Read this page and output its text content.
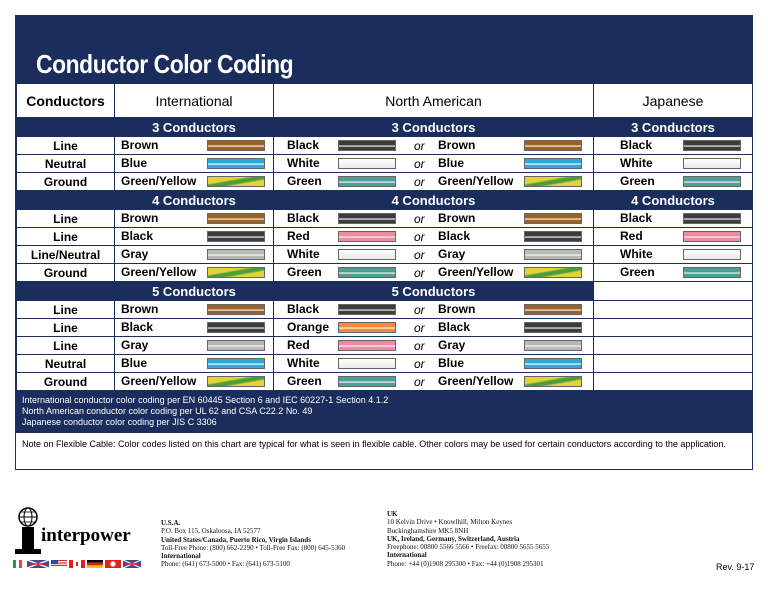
Conductor Color Coding
Conductors	International	North American	Japanese
	3 Conductors	3 Conductors	3 Conductors
Line	Brown	Black or Brown	Black

Neutral	Blue	White or Blue	White

Ground	Green/Yellow	Green or Green/Yellow	Green

	4 Conductors	4 Conductors	4 Conductors
Line	Brown	Black or Brown	Black

Line	Black	Red or Black	Red

Line/Neutral	Gray	White or Gray	White

Ground	Green/Yellow	Green or Green/Yellow	Green

	5 Conductors	5 Conductors	
Line	Brown	Black or Brown	

Line	Black	Orange or Black	

Line	Gray	Red or Gray	

Neutral	Blue	White or Blue	

Ground	Green/Yellow	Green or Green/Yellow	

International conductor color coding per EN 60445 Section 6 and IEC 60227-1 Section 4.1.2
North American conductor color coding per UL 62 and CSA C22.2 No. 49
Japanese conductor color coding per JIS C 3306
Note on Flexible Cable: Color codes listed on this chart are typical for what is seen in flexible cable. Other colors may be used for certain conductors according to the application.
interpower
U.S.A.
P.O. Box 115, Oskaloosa, IA 52577
United States/Canada, Puerto Rico, Virgin Islands
Toll-Free Phone: (800) 662-2290 • Toll-Free Fax: (800) 645-5360
International
Phone: (641) 673-5000 • Fax: (641) 673-5100
UK
10 Kelvin Drive • Knowlhill, Milton Keynes
Buckinghamshire MK5 8NH
UK, Ireland, Germany, Switzerland, Austria
Freephone: 00800 5566 5566 • Freefax: 00800 5655 5655
International
Phone: +44 (0)1908 295300 • Fax: +44 (0)1908 295301	Rev. 9-17
